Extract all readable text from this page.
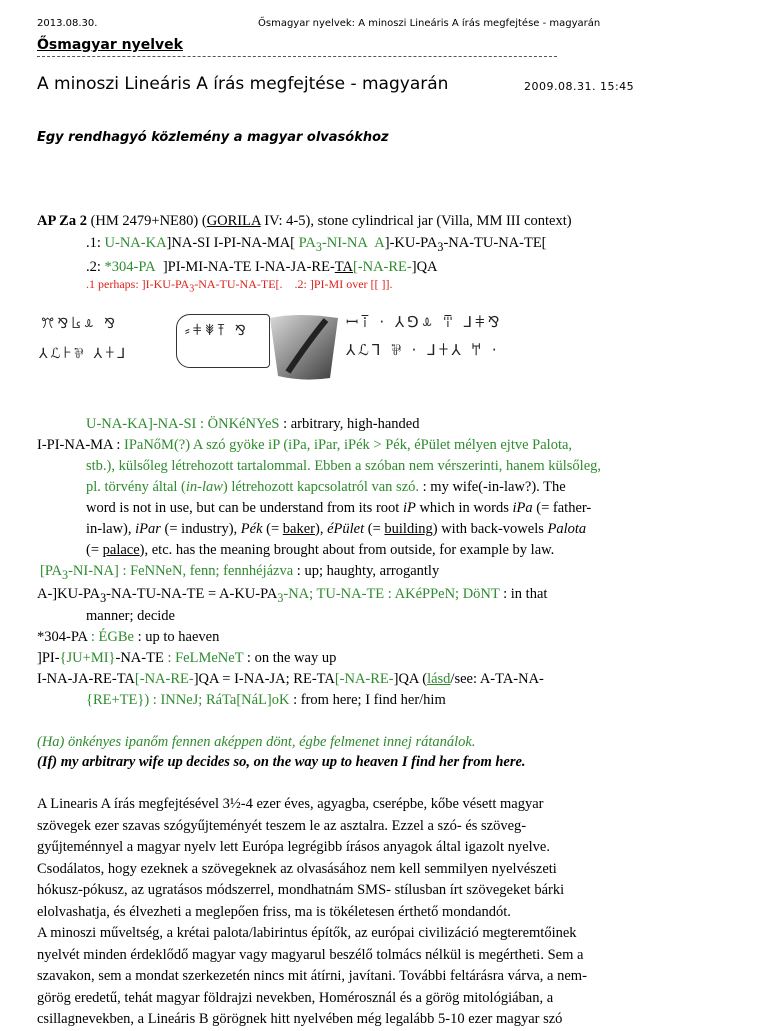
2013.08.30.	Ősmagyar nyelvek: A minoszi Lineáris A írás megfejtése - magyarán
Ősmagyar nyelvek
A minoszi Lineáris A írás megfejtése - magyarán	2009.08.31. 15:45
Egy rendhagyó közlemény a magyar olvasókhoz
AP Za 2 (HM 2479+NE80) (GORILA IV: 4-5), stone cylindrical jar (Villa, MM III context)
.1: U-NA-KA]NA-SI I-PI-NA-MA[ $PA_3-NI-NA$ $A]-KU-PA_3-NA-TU-NA-TE$[
.2: *304-PA ]PI-MI-NA-TE I-NA-JA-RE-TA[-NA-RE-]QA
.1 perhaps: ]$I-KU-PA_3-NA-TU-NA-TE$[. .2: ]PI-MI over [[ ]].
ꔫ⅋𐘴ꕊ ⅋
⅄ℒ𐘀⅌ ⅄𐘁⅃
⸗𐘂𐘃𐘄 ⅋	ꟷ𐘅 · ⅄⅁ꕊ 𐘆 ⅃𐘂⅋
⅄ℒ⅂ ⅌ · ⅃𐘁⅄ 𐘇 ·
U-NA-KA]-NA-SI : ÖNKéNYeS : arbitrary, high-handed
I-PI-NA-MA : IPaNőM(?) A szó gyöke iP (iPa, iPar, iPék > Pék, éPület mélyen ejtve Palota,
stb.), külsőleg létrehozott tartalommal. Ebben a szóban nem vérszerinti, hanem külsőleg,
pl. törvény által (in-law) létrehozott kapcsolatról van szó. : my wife(-in-law?). The
word is not in use, but can be understand from its root iP which in words iPa (= father-
in-law), iPar (= industry), Pék (= baker), éPület (= building) with back-vowels Palota
(= palace), etc. has the meaning brought about from outside, for example by law.
$[PA_3-NI-NA]$ : FeNNeN, fenn; fennhéjázva : up; haughty, arrogantly
$A-]KU-PA_3-NA-TU-NA-TE = A-KU-PA_3-NA$; TU-NA-TE : AKéPPeN; DöNT : in that
manner; decide
*304-PA : ÉGBe : up to haeven
]PI-{JU+MI}-NA-TE : FeLMeNeT : on the way up
I-NA-JA-RE-TA[-NA-RE-]QA = I-NA-JA; RE-TA[-NA-RE-]QA (lásd/see: A-TA-NA-
{RE+TE}) : INNeJ; RáTa[NáL]oK : from here; I find her/him
(Ha) önkényes ipanőm fennen aképpen dönt, égbe felmenet innej rátanálok.
(If) my arbitrary wife up decides so, on the way up to heaven I find her from here.

A Linearis A írás megfejtésével 3½-4 ezer éves, agyagba, cserépbe, kőbe vésett magyar

szövegek ezer szavas szógyűjteményét teszem le az asztalra. Ezzel a szó- és szöveg-

gyűjteménnyel a magyar nyelv lett Európa legrégibb írásos anyagok által igazolt nyelve.

Csodálatos, hogy ezeknek a szövegeknek az olvasásához nem kell semmilyen nyelvészeti

hókusz-pókusz, az ugratásos módszerrel, mondhatnám SMS- stílusban írt szövegeket bárki

elolvashatja, és élvezheti a meglepően friss, ma is tökéletesen érthető mondandót.

A minoszi műveltség, a krétai palota/labirintus építők, az európai civilizáció megteremtőinek

nyelvét minden érdeklődő magyar vagy magyarul beszélő tolmács nélkül is megértheti. Sem a

szavakon, sem a mondat szerkezetén nincs mit átírni, javítani. További feltárásra várva, a nem-

görög eredetű, tehát magyar földrajzi nevekben, Homérosznál és a görög mitológiában, a

csillagnevekben, a Lineáris B görögnek hitt nyelvében még legalább 5-10 ezer magyar szó
